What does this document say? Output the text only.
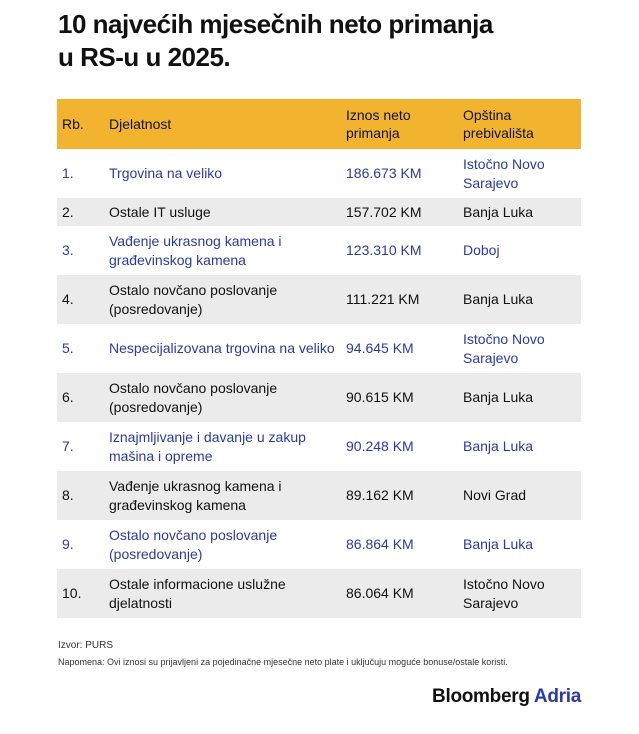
10 najvećih mjesečnih neto primanja
u RS-u u 2025.
Rb.	Djelatnost	Iznos neto primanja	Opština prebivališta
1.	Trgovina na veliko	186.673 KM	Istočno Novo Sarajevo
2.	Ostale IT usluge	157.702 KM	Banja Luka
3.	Vađenje ukrasnog kamena i građevinskog kamena	123.310 KM	Doboj
4.	Ostalo novčano poslovanje (posredovanje)	111.221 KM	Banja Luka
5.	Nespecijalizovana trgovina na veliko	94.645 KM	Istočno Novo Sarajevo
6.	Ostalo novčano poslovanje (posredovanje)	90.615 KM	Banja Luka
7.	Iznajmljivanje i davanje u zakup mašina i opreme	90.248 KM	Banja Luka
8.	Vađenje ukrasnog kamena i građevinskog kamena	89.162 KM	Novi Grad
9.	Ostalo novčano poslovanje (posredovanje)	86.864 KM	Banja Luka
10.	Ostale informacione uslužne djelatnosti	86.064 KM	Istočno Novo Sarajevo
Izvor: PURS
Napomena: Ovi iznosi su prijavljeni za pojedinačne mjesečne neto plate i uključuju moguće bonuse/ostale koristi.
Bloomberg Adria
